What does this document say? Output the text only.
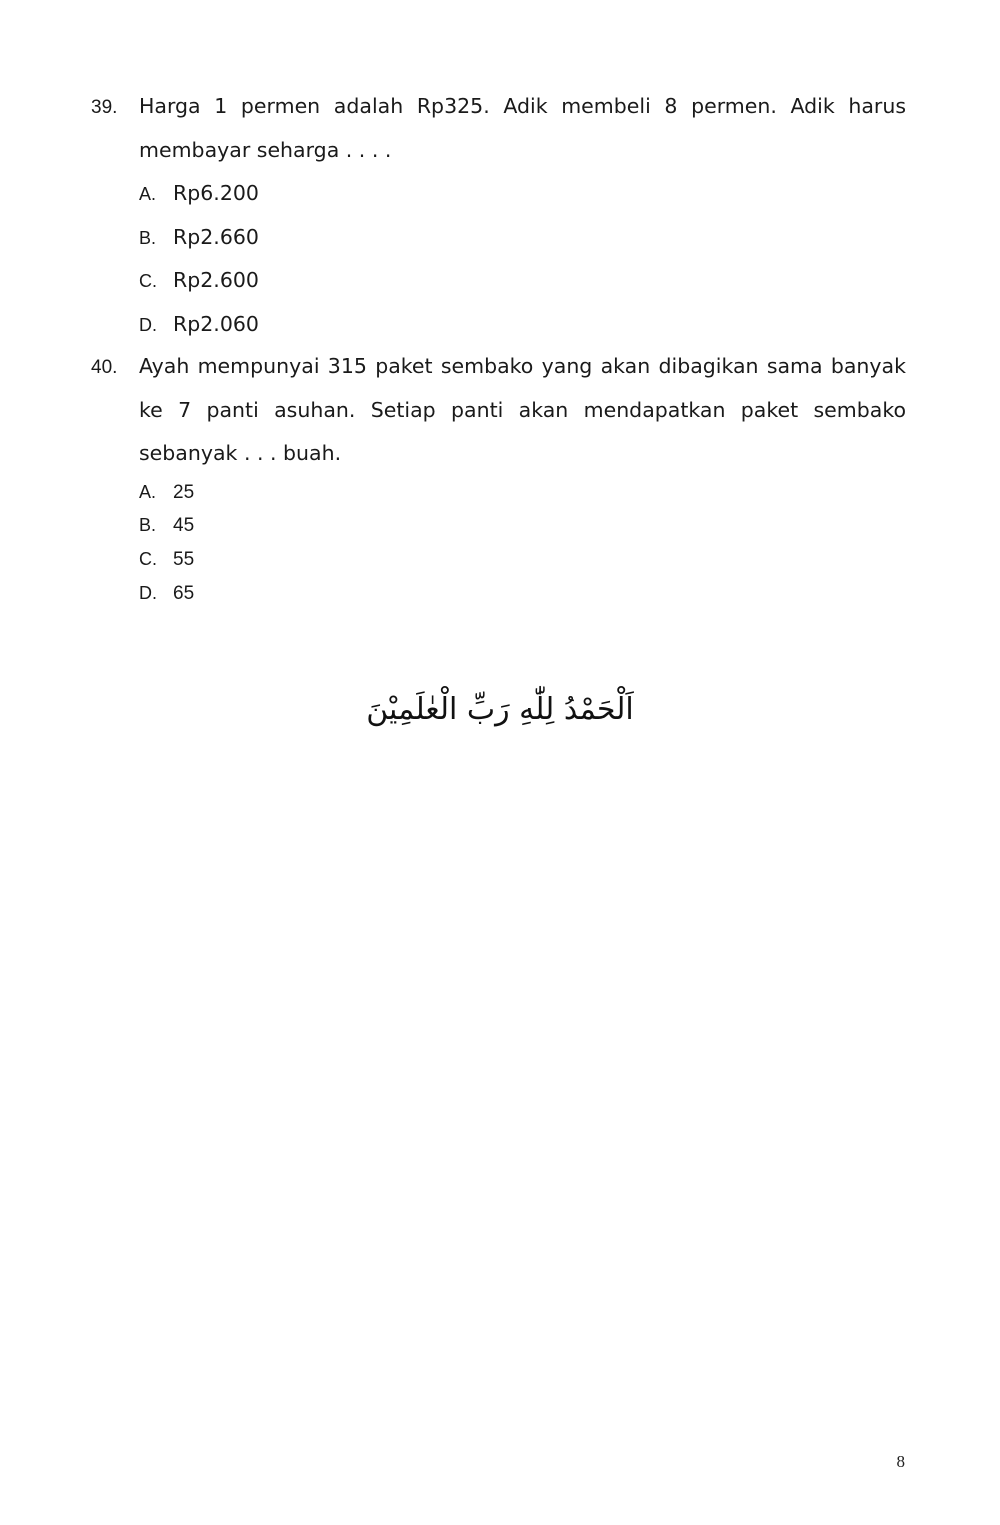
39. Harga 1 permen adalah Rp325. Adik membeli 8 permen. Adik harus membayar seharga . . . .
A. Rp6.200
B. Rp2.660
C. Rp2.600
D. Rp2.060
40. Ayah mempunyai 315 paket sembako yang akan dibagikan sama banyak ke 7 panti asuhan. Setiap panti akan mendapatkan paket sembako sebanyak . . . buah.
A. 25
B. 45
C. 55
D. 65
اَلْحَمْدُ لِلّٰهِ رَبِّ الْعٰلَمِيْنَ
8
